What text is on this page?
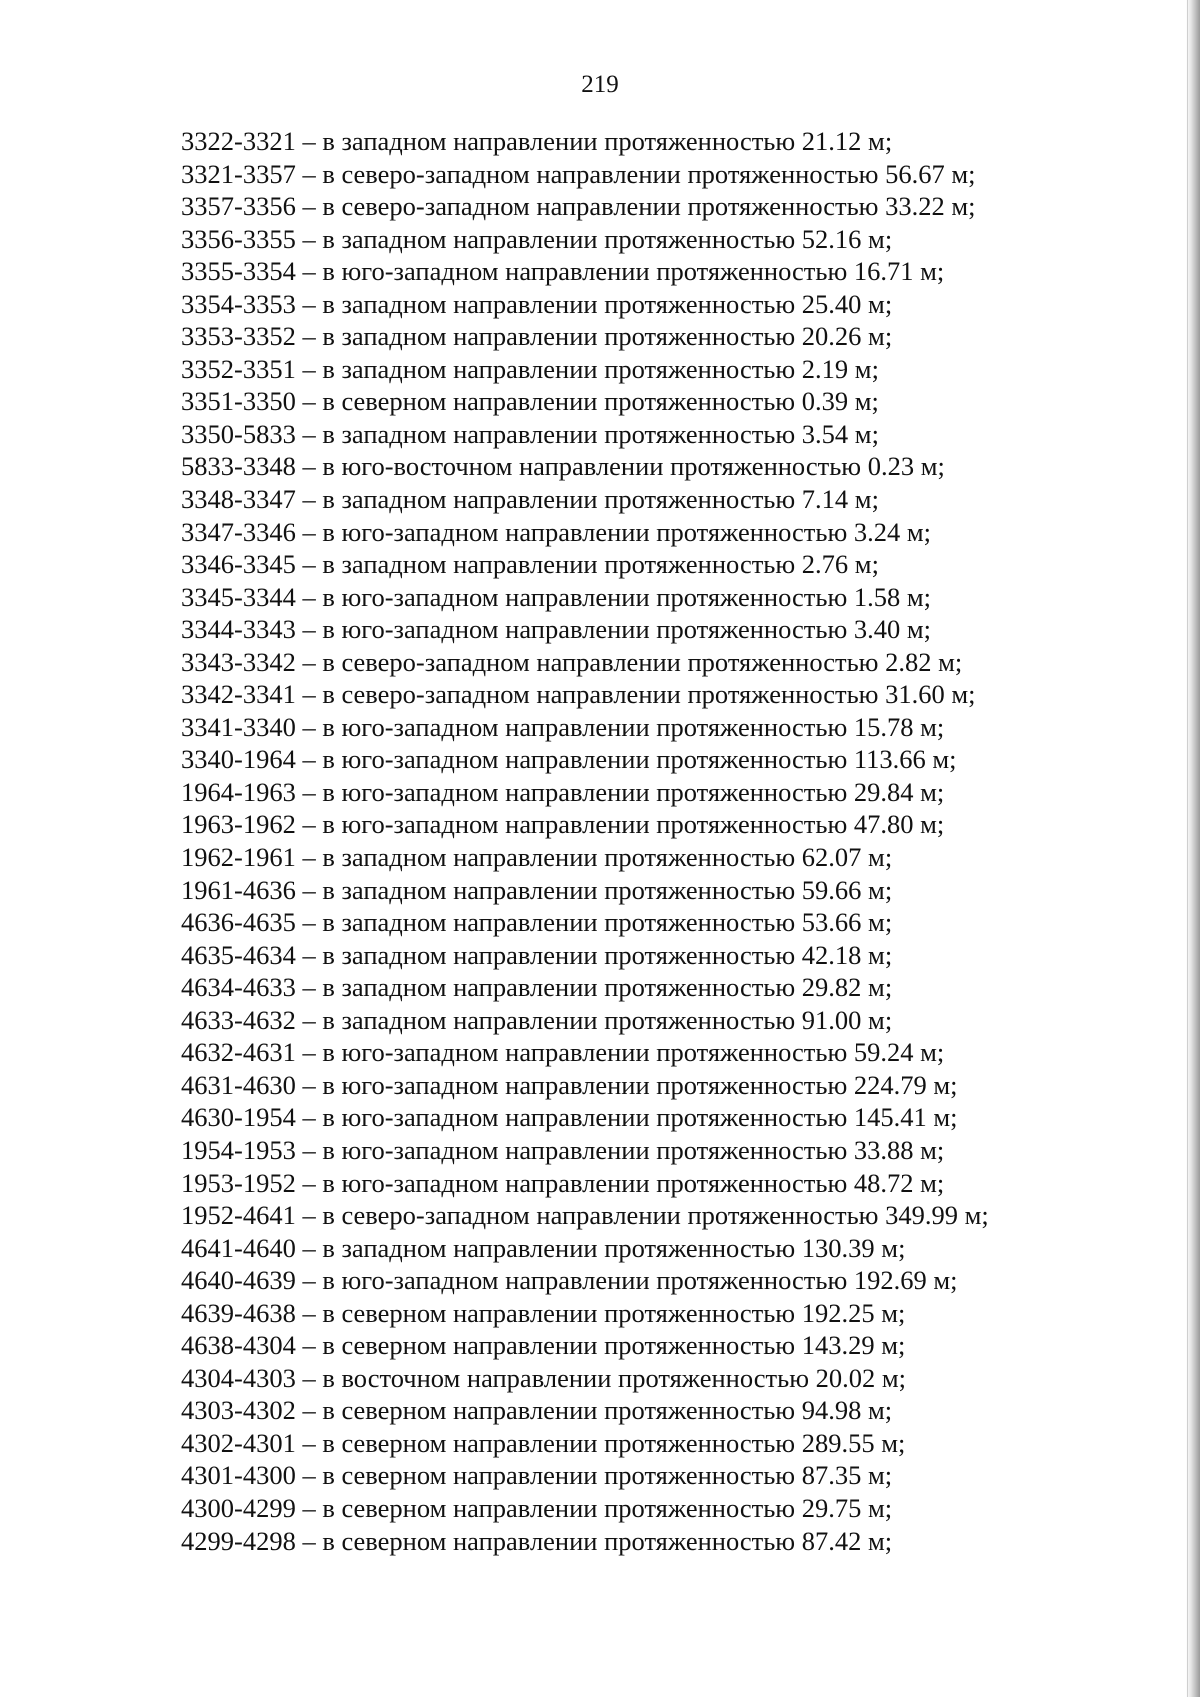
219
3322-3321 – в западном направлении протяженностью 21.12 м;
3321-3357 – в северо-западном направлении протяженностью 56.67 м;
3357-3356 – в северо-западном направлении протяженностью 33.22 м;
3356-3355 – в западном направлении протяженностью 52.16 м;
3355-3354 – в юго-западном направлении протяженностью 16.71 м;
3354-3353 – в западном направлении протяженностью 25.40 м;
3353-3352 – в западном направлении протяженностью 20.26 м;
3352-3351 – в западном направлении протяженностью 2.19 м;
3351-3350 – в северном направлении протяженностью 0.39 м;
3350-5833 – в западном направлении протяженностью 3.54 м;
5833-3348 – в юго-восточном направлении протяженностью 0.23 м;
3348-3347 – в западном направлении протяженностью 7.14 м;
3347-3346 – в юго-западном направлении протяженностью 3.24 м;
3346-3345 – в западном направлении протяженностью 2.76 м;
3345-3344 – в юго-западном направлении протяженностью 1.58 м;
3344-3343 – в юго-западном направлении протяженностью 3.40 м;
3343-3342 – в северо-западном направлении протяженностью 2.82 м;
3342-3341 – в северо-западном направлении протяженностью 31.60 м;
3341-3340 – в юго-западном направлении протяженностью 15.78 м;
3340-1964 – в юго-западном направлении протяженностью 113.66 м;
1964-1963 – в юго-западном направлении протяженностью 29.84 м;
1963-1962 – в юго-западном направлении протяженностью 47.80 м;
1962-1961 – в западном направлении протяженностью 62.07 м;
1961-4636 – в западном направлении протяженностью 59.66 м;
4636-4635 – в западном направлении протяженностью 53.66 м;
4635-4634 – в западном направлении протяженностью 42.18 м;
4634-4633 – в западном направлении протяженностью 29.82 м;
4633-4632 – в западном направлении протяженностью 91.00 м;
4632-4631 – в юго-западном направлении протяженностью 59.24 м;
4631-4630 – в юго-западном направлении протяженностью 224.79 м;
4630-1954 – в юго-западном направлении протяженностью 145.41 м;
1954-1953 – в юго-западном направлении протяженностью 33.88 м;
1953-1952 – в юго-западном направлении протяженностью 48.72 м;
1952-4641 – в северо-западном направлении протяженностью 349.99 м;
4641-4640 – в западном направлении протяженностью 130.39 м;
4640-4639 – в юго-западном направлении протяженностью 192.69 м;
4639-4638 – в северном направлении протяженностью 192.25 м;
4638-4304 – в северном направлении протяженностью 143.29 м;
4304-4303 – в восточном направлении протяженностью 20.02 м;
4303-4302 – в северном направлении протяженностью 94.98 м;
4302-4301 – в северном направлении протяженностью 289.55 м;
4301-4300 – в северном направлении протяженностью 87.35 м;
4300-4299 – в северном направлении протяженностью 29.75 м;
4299-4298 – в северном направлении протяженностью 87.42 м;
